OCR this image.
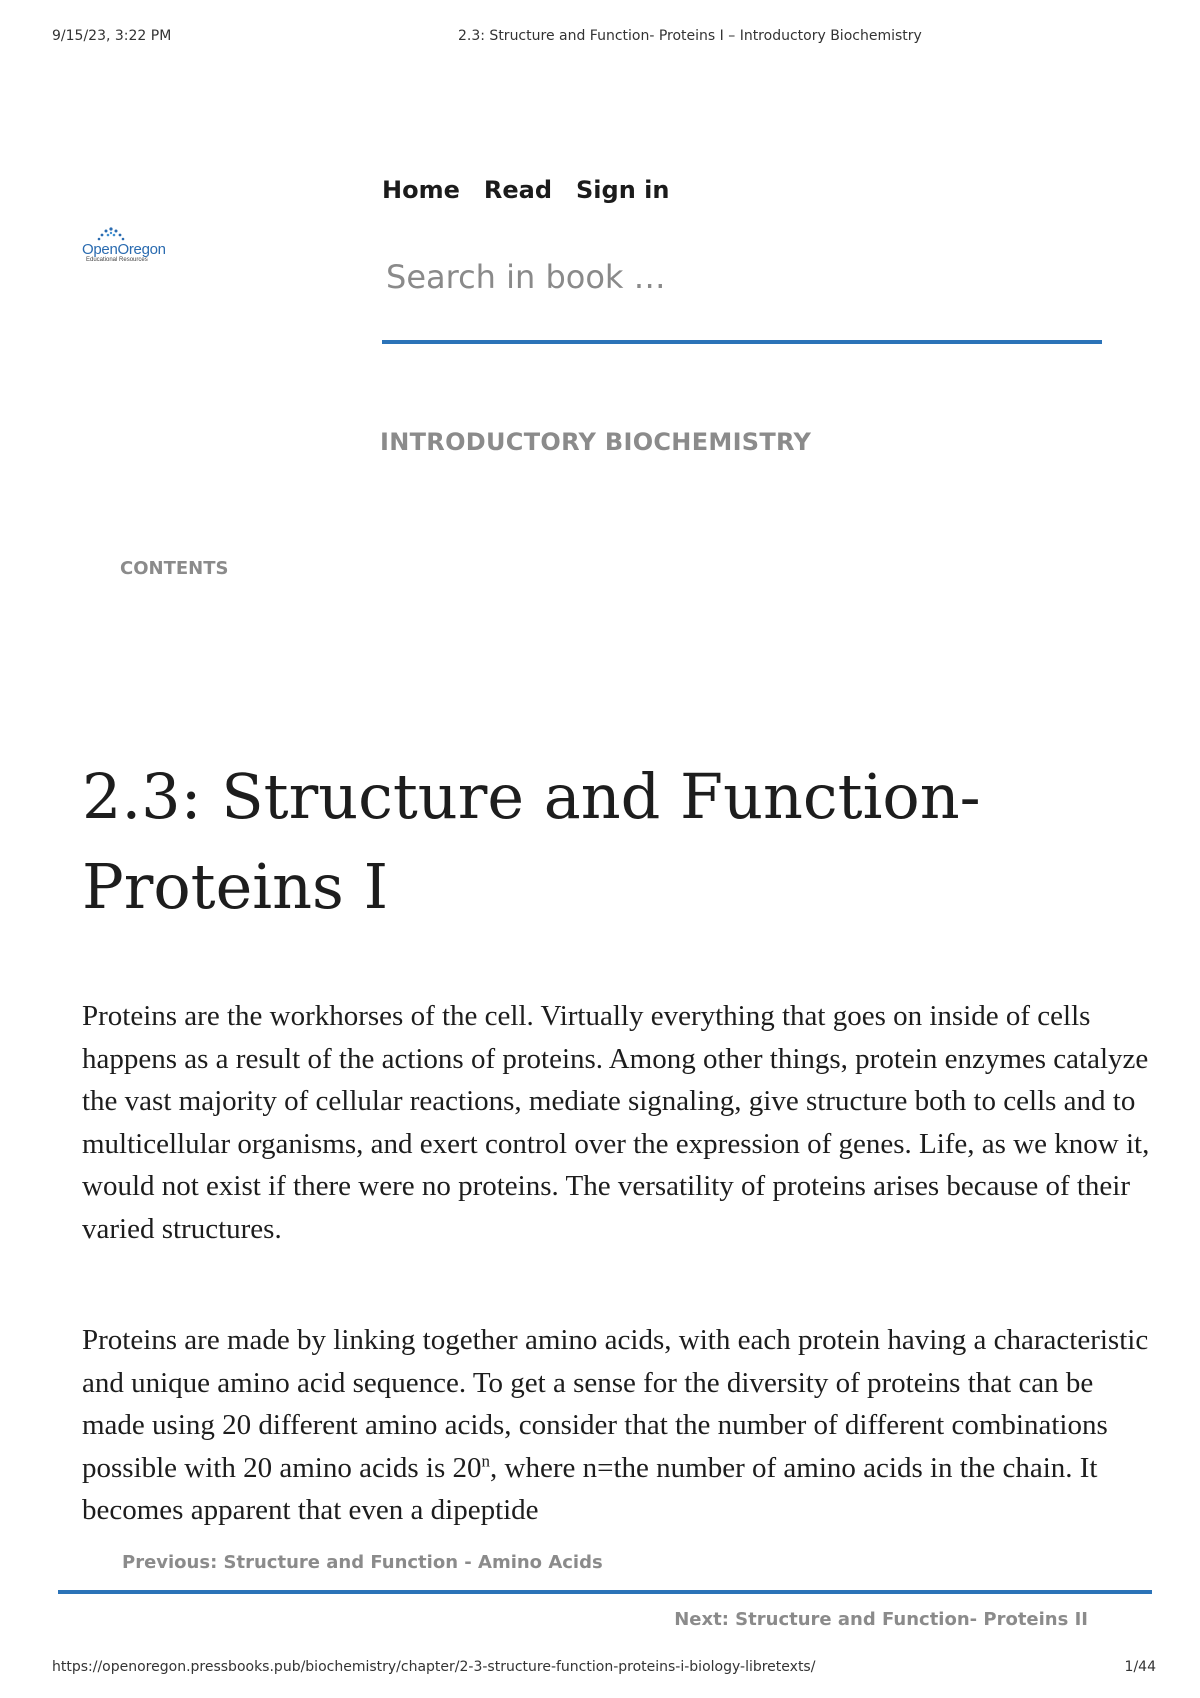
9/15/23, 3:22 PM	2.3: Structure and Function- Proteins I – Introductory Biochemistry
OpenOregon
Educational Resources
Home Read Sign in
Search in book …
INTRODUCTORY BIOCHEMISTRY
CONTENTS
2.3: Structure and Function- Proteins I

Proteins are the workhorses of the cell. Virtually everything that goes on inside of cells happens as a result of the actions of proteins. Among other things, protein enzymes catalyze the vast majority of cellular reactions, mediate signaling, give structure both to cells and to multicellular organisms, and exert control over the expression of genes. Life, as we know it, would not exist if there were no proteins. The versatility of proteins arises because of their varied structures.

Proteins are made by linking together amino acids, with each protein having a characteristic and unique amino acid sequence. To get a sense for the diversity of proteins that can be made using 20 different amino acids, consider that the number of different combinations possible with 20 amino acids is 20$^n$, where n=the number of amino acids in the chain. It becomes apparent that even a dipeptide

Previous: Structure and Function - Amino Acids
Next: Structure and Function- Proteins II
https://openoregon.pressbooks.pub/biochemistry/chapter/2-3-structure-function-proteins-i-biology-libretexts/	1/44
